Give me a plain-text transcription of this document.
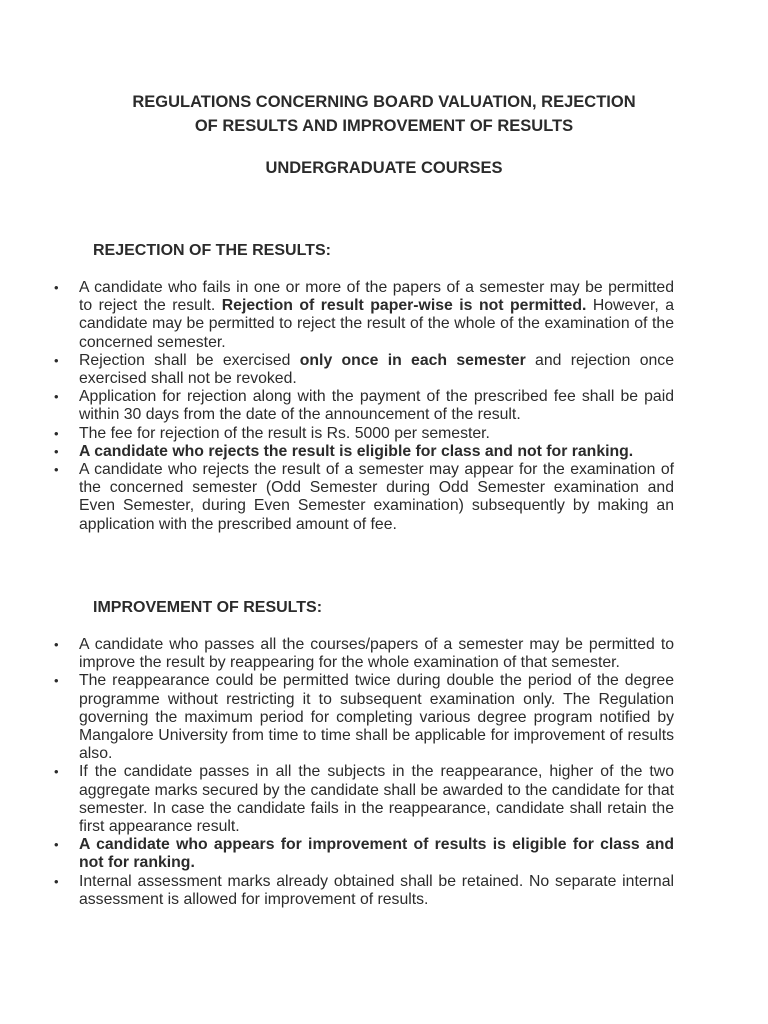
REGULATIONS CONCERNING BOARD VALUATION, REJECTION
OF RESULTS AND IMPROVEMENT OF RESULTS
UNDERGRADUATE COURSES
REJECTION OF THE RESULTS:
• A candidate who fails in one or more of the papers of a semester may be permitted to reject the result. Rejection of result paper-wise is not permitted. However, a candidate may be permitted to reject the result of the whole of the examination of the concerned semester.
• Rejection shall be exercised only once in each semester and rejection once exercised shall not be revoked.
• Application for rejection along with the payment of the prescribed fee shall be paid within 30 days from the date of the announcement of the result.
• The fee for rejection of the result is Rs. 5000 per semester.
• A candidate who rejects the result is eligible for class and not for ranking.
• A candidate who rejects the result of a semester may appear for the examination of the concerned semester (Odd Semester during Odd Semester examination and Even Semester, during Even Semester examination) subsequently by making an application with the prescribed amount of fee.
IMPROVEMENT OF RESULTS:
• A candidate who passes all the courses/papers of a semester may be permitted to improve the result by reappearing for the whole examination of that semester.
• The reappearance could be permitted twice during double the period of the degree programme without restricting it to subsequent examination only. The Regulation governing the maximum period for completing various degree program notified by Mangalore University from time to time shall be applicable for improvement of results also.
• If the candidate passes in all the subjects in the reappearance, higher of the two aggregate marks secured by the candidate shall be awarded to the candidate for that semester. In case the candidate fails in the reappearance, candidate shall retain the first appearance result.
• A candidate who appears for improvement of results is eligible for class and not for ranking.
• Internal assessment marks already obtained shall be retained. No separate internal assessment is allowed for improvement of results.
